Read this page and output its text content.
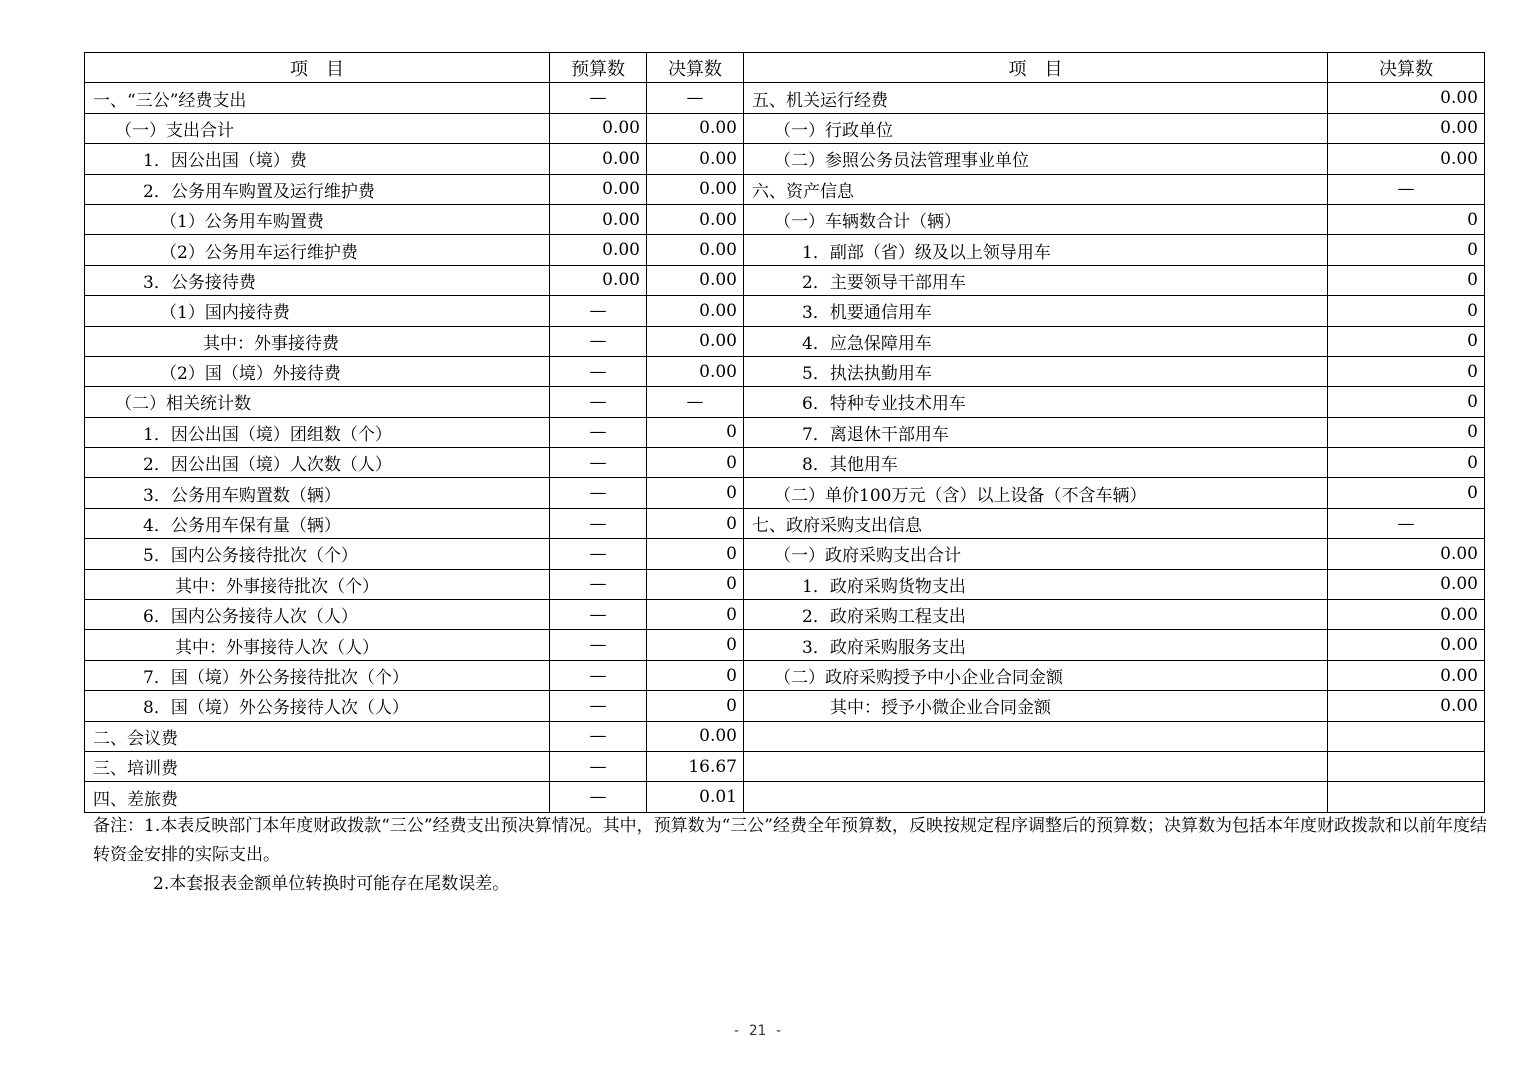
项　目	预算数	决算数	项　目	决算数
一、“三公”经费支出	—	—	五、机关运行经费	0.00
（一）支出合计	0.00	0.00	（一）行政单位	0.00
1．因公出国（境）费	0.00	0.00	（二）参照公务员法管理事业单位	0.00
2．公务用车购置及运行维护费	0.00	0.00	六、资产信息	—
（1）公务用车购置费	0.00	0.00	（一）车辆数合计（辆）	0
（2）公务用车运行维护费	0.00	0.00	1．副部（省）级及以上领导用车	0
3．公务接待费	0.00	0.00	2．主要领导干部用车	0
（1）国内接待费	—	0.00	3．机要通信用车	0
其中：外事接待费	—	0.00	4．应急保障用车	0
（2）国（境）外接待费	—	0.00	5．执法执勤用车	0
（二）相关统计数	—	—	6．特种专业技术用车	0
1．因公出国（境）团组数（个）	—	0	7．离退休干部用车	0
2．因公出国（境）人次数（人）	—	0	8．其他用车	0
3．公务用车购置数（辆）	—	0	（二）单价100万元（含）以上设备（不含车辆）	0
4．公务用车保有量（辆）	—	0	七、政府采购支出信息	—
5．国内公务接待批次（个）	—	0	（一）政府采购支出合计	0.00
其中：外事接待批次（个）	—	0	1．政府采购货物支出	0.00
6．国内公务接待人次（人）	—	0	2．政府采购工程支出	0.00
其中：外事接待人次（人）	—	0	3．政府采购服务支出	0.00
7．国（境）外公务接待批次（个）	—	0	（二）政府采购授予中小企业合同金额	0.00
8．国（境）外公务接待人次（人）	—	0	其中：授予小微企业合同金额	0.00
二、会议费	—	0.00		
三、培训费	—	16.67		
四、差旅费	—	0.01		

备注：1.本表反映部门本年度财政拨款“三公”经费支出预决算情况。其中，预算数为“三公”经费全年预算数，反映按规定程序调整后的预算数；决算数为包括本年度财政拨款和以前年度结转资金安排的实际支出。

2.本套报表金额单位转换时可能存在尾数误差。

- 21 -
